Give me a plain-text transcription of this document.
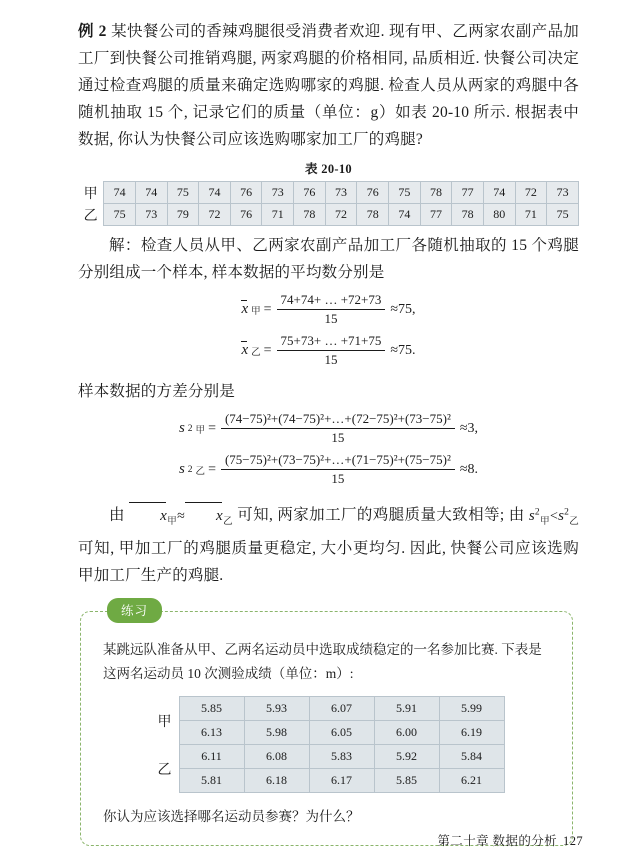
例 2 某快餐公司的香辣鸡腿很受消费者欢迎. 现有甲、乙两家农副产品加工厂到快餐公司推销鸡腿, 两家鸡腿的价格相同, 品质相近. 快餐公司决定通过检查鸡腿的质量来确定选购哪家的鸡腿. 检查人员从两家的鸡腿中各随机抽取 15 个, 记录它们的质量（单位：g）如表 20-10 所示. 根据表中数据, 你认为快餐公司应该选购哪家加工厂的鸡腿?
表 20-10
甲	74	74	75	74	76	73	76	73	76	75	78	77	74	72	73
乙	75	73	79	72	76	71	78	72	78	74	77	78	80	71	75
解：检查人员从甲、乙两家农副产品加工厂各随机抽取的 15 个鸡腿分别组成一个样本, 样本数据的平均数分别是
x 甲 = $\frac{74+74+ \dots +72+73}{15} \approx 75$,
x 乙 = $\frac{75+73+ \dots +71+75}{15} \approx 75$.
样本数据的方差分别是
s 2 甲 = $\frac{\text{(74−75)²+(74−75)²+…+(72−75)²+(73−75)²}}{15} \approx 3$,
s 2 乙 = $\frac{\text{(75−75)²+(73−75)²+…+(71−75)²+(75−75)²}}{15} \approx 8$.
由 $x_甲\approx x_乙$ 可知, 两家加工厂的鸡腿质量大致相等; 由 $s^2_甲<s^2_乙$ 可知, 甲加工厂的鸡腿质量更稳定, 大小更均匀. 因此, 快餐公司应该选购甲加工厂生产的鸡腿.
练习

某跳远队准备从甲、乙两名运动员中选取成绩稳定的一名参加比赛. 下表是这两名运动员 10 次测验成绩（单位：m）:

甲	5.85	5.93	6.07	5.91	5.99
	6.13	5.98	6.05	6.00	6.19
乙	6.11	6.08	5.83	5.92	5.84
	5.81	6.18	6.17	5.85	6.21

你认为应该选择哪名运动员参赛？为什么？

第二十章 数据的分析 127
